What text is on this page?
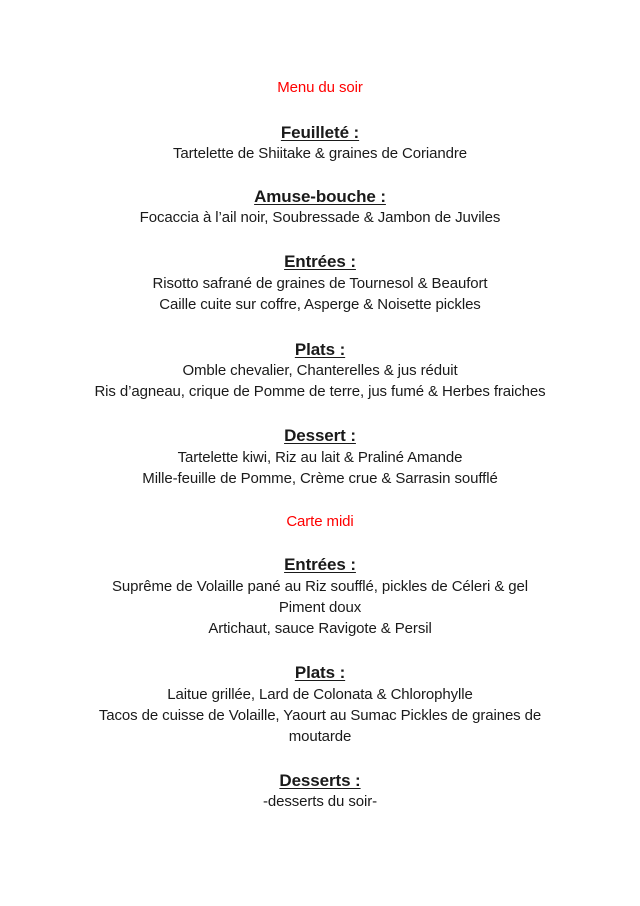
Menu du soir
Feuilleté :
Tartelette de Shiitake & graines de Coriandre
Amuse-bouche :
Focaccia à l’ail noir, Soubressade & Jambon de Juviles
Entrées :
Risotto safrané de graines de Tournesol & Beaufort
Caille cuite sur coffre, Asperge & Noisette pickles
Plats :
Omble chevalier, Chanterelles & jus réduit
Ris d’agneau, crique de Pomme de terre, jus fumé & Herbes fraiches
Dessert :
Tartelette kiwi, Riz au lait & Praliné Amande
Mille-feuille de Pomme, Crème crue & Sarrasin soufflé
Carte midi
Entrées :
Suprême de Volaille pané au Riz soufflé, pickles de Céleri & gel
Piment doux
Artichaut, sauce Ravigote & Persil
Plats :
Laitue grillée, Lard de Colonata & Chlorophylle
Tacos de cuisse de Volaille, Yaourt au Sumac Pickles de graines de
moutarde
Desserts :
-desserts du soir-
